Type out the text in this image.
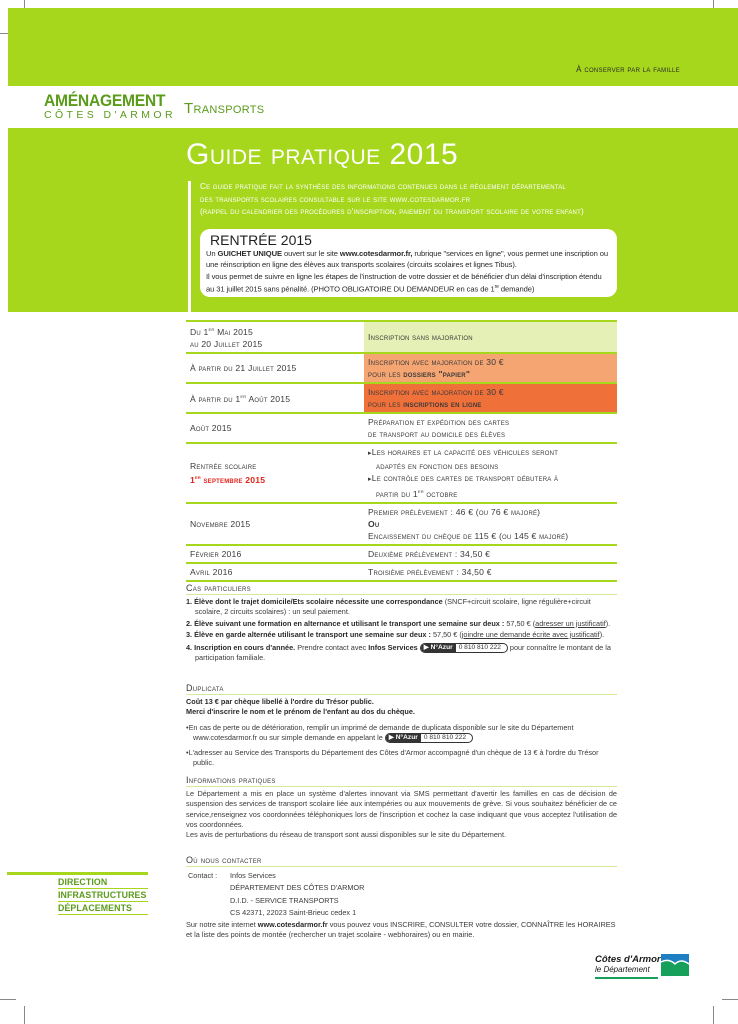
À conserver par la famille
AMÉNAGEMENT
CÔTES D'ARMOR Transports
Guide pratique 2015
Ce guide pratique fait la synthèse des informations contenues dans le règlement départemental
des transports scolaires consultable sur le site www.cotesdarmor.fr
(rappel du calendrier des procédures d'inscription, paiement du transport scolaire de votre enfant)
RENTRÉE 2015

Un GUICHET UNIQUE ouvert sur le site www.cotesdarmor.fr, rubrique "services en ligne", vous permet une inscription ou une réinscription en ligne des élèves aux transports scolaires (circuits scolaires et lignes Tibus).
Il vous permet de suivre en ligne les étapes de l'instruction de votre dossier et de bénéficier d'un délai d'inscription étendu au 31 juillet 2015 sans pénalité. (PHOTO OBLIGATOIRE DU DEMANDEUR en cas de 1re demande)

Du 1er Mai 2015
au 20 Juillet 2015	Inscription sans majoration
À partir du 21 Juillet 2015	Inscription avec majoration de 30 €
pour les dossiers "papier"
À partir du 1er Août 2015	Inscription avec majoration de 30 €
pour les inscriptions en ligne
Août 2015	Préparation et expédition des cartes
de transport au domicile des élèves
Rentrée scolaire
1er septembre 2015	▸ Les horaires et la capacité des véhicules seront
adaptés en fonction des besoins
▸ Le contrôle des cartes de transport débutera à
partir du 1er octobre
Novembre 2015	Premier prélèvement : 46 € (ou 76 € majoré)
Ou
Encaissement du chèque de 115 € (ou 145 € majoré)
Février 2016	Deuxième prélèvement : 34,50 €
Avril 2016	Troisième prélèvement : 34,50 €
Cas particuliers
1. Élève dont le trajet domicile/Ets scolaire nécessite une correspondance (SNCF+circuit scolaire, ligne régulière+circuit scolaire, 2 circuits scolaires) : un seul paiement.
2. Élève suivant une formation en alternance et utilisant le transport une semaine sur deux : 57,50 € (adresser un justificatif).
3. Élève en garde alternée utilisant le transport une semaine sur deux : 57,50 € (joindre une demande écrite avec justificatif).
4. Inscription en cours d'année. Prendre contact avec Infos Services ▶ N°Azur 0 810 810 222 pour connaître le montant de la participation familiale.
Duplicata

Coût 13 € par chèque libellé à l'ordre du Trésor public.
Merci d'inscrire le nom et le prénom de l'enfant au dos du chèque.

• En cas de perte ou de détérioration, remplir un imprimé de demande de duplicata disponible sur le site du Département www.cotesdarmor.fr ou sur simple demande en appelant le ▶ N°Azur 0 810 810 222
• L'adresser au Service des Transports du Département des Côtes d'Armor accompagné d'un chèque de 13 € à l'ordre du Trésor public.
Informations pratiques

Le Département a mis en place un système d'alertes innovant via SMS permettant d'avertir les familles en cas de décision de suspension des services de transport scolaire liée aux intempéries ou aux mouvements de grève. Si vous souhaitez bénéficier de ce service,renseignez vos coordonnées téléphoniques lors de l'inscription et cochez la case indiquant que vous acceptez l'utilisation de vos coordonnées.

Les avis de perturbations du réseau de transport sont aussi disponibles sur le site du Département.

DIRECTION
INFRASTRUCTURES
DÉPLACEMENTS
Où nous contacter
Contact :	Infos Services
	DÉPARTEMENT DES CÔTES D'ARMOR
	D.I.D. - SERVICE TRANSPORTS
	CS 42371, 22023 Saint-Brieuc cedex 1

Sur notre site internet www.cotesdarmor.fr vous pouvez vous INSCRIRE, CONSULTER votre dossier, CONNAÎTRE les HORAIRES et la liste des points de montée (rechercher un trajet scolaire - webhoraires) ou en mairie.

Côtes d'Armor
le Département
